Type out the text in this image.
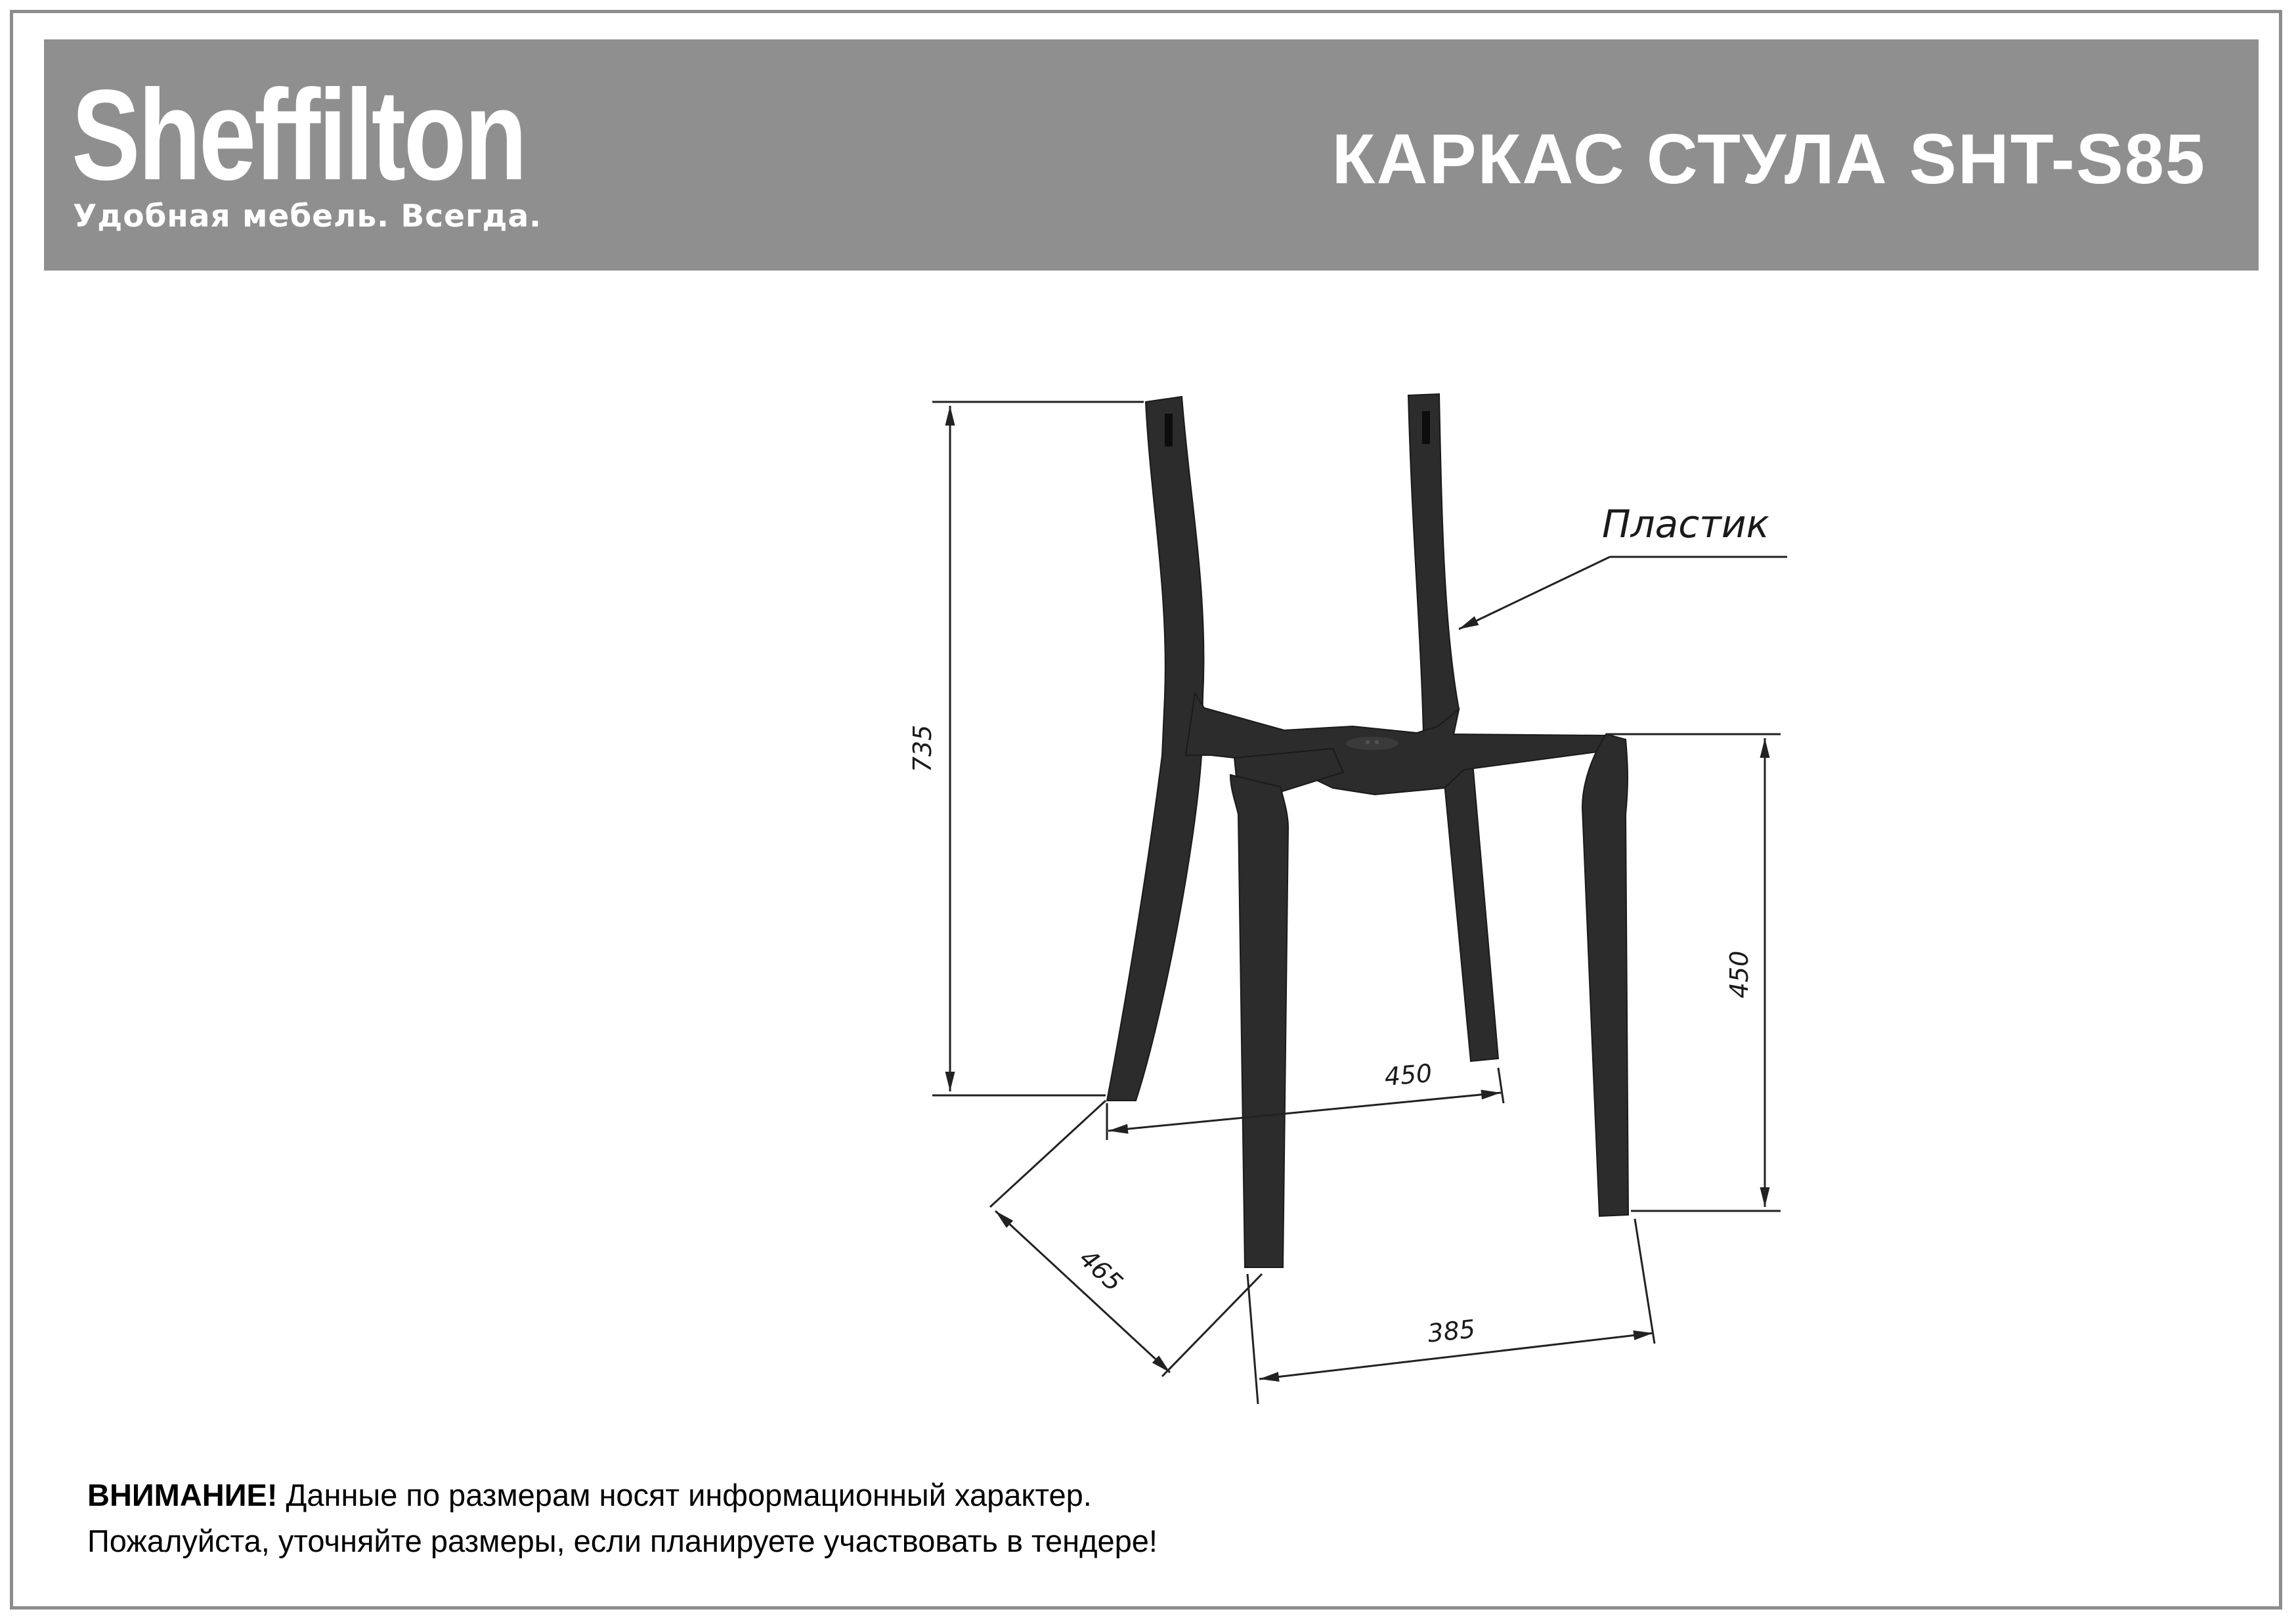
Sheffilton
Удобная мебель. Всегда.
КАРКАС СТУЛА SHT-S85
735
450
450
465
385
Пластик
ВНИМАНИЕ! Данные по размерам носят информационный характер.
Пожалуйста, уточняйте размеры, если планируете участвовать в тендере!
